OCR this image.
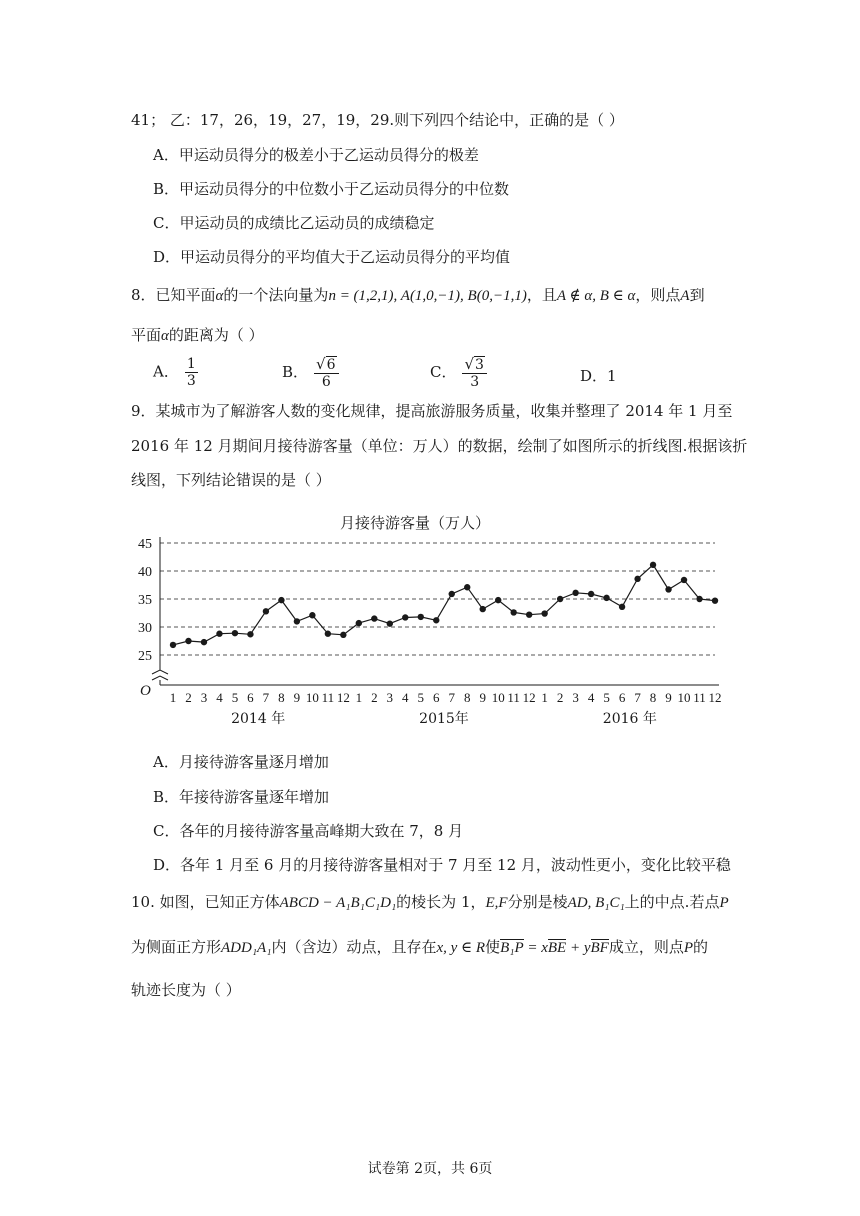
41； 乙：17，26，19，27，19，29.则下列四个结论中，正确的是（ ）
A．甲运动员得分的极差小于乙运动员得分的极差
B．甲运动员得分的中位数小于乙运动员得分的中位数
C．甲运动员的成绩比乙运动员的成绩稳定
D．甲运动员得分的平均值大于乙运动员得分的平均值
8．已知平面α的一个法向量为n = (1,2,1), A(1,0,−1), B(0,−1,1)，且A ∉ α, B ∈ α，则点A到
平面α的距离为（ ）
A． $\frac{1}{3}$	B． $\frac{√6}{6}$	C． $\frac{√3}{3}$	D．1
9．某城市为了解游客人数的变化规律，提高旅游服务质量，收集并整理了 2014 年 1 月至
2016 年 12 月期间月接待游客量（单位：万人）的数据，绘制了如图所示的折线图.根据该折
线图，下列结论错误的是（ ）
月接待游客量（万人）
25
30
35
40
45
O 1 2 3 4 5 6 7 8 9 10 11 12 1 2 3 4 5 6 7 8 9 10 11 12 1 2 3 4 5 6 7 8 9 10 11 12
2014 年	2015年	2016 年
A．月接待游客量逐月增加
B．年接待游客量逐年增加
C．各年的月接待游客量高峰期大致在 7，8 月
D．各年 1 月至 6 月的月接待游客量相对于 7 月至 12 月，波动性更小，变化比较平稳
10. 如图，已知正方体ABCD − A₁B₁C₁D₁的棱长为 1，E,F分别是棱AD, B₁C₁上的中点.若点P
为侧面正方形ADD₁A₁内（含边）动点，且存在x, y ∈ R使B₁P = xBE + yBF成立，则点P的
轨迹长度为（ ）
试卷第 2页，共 6页
